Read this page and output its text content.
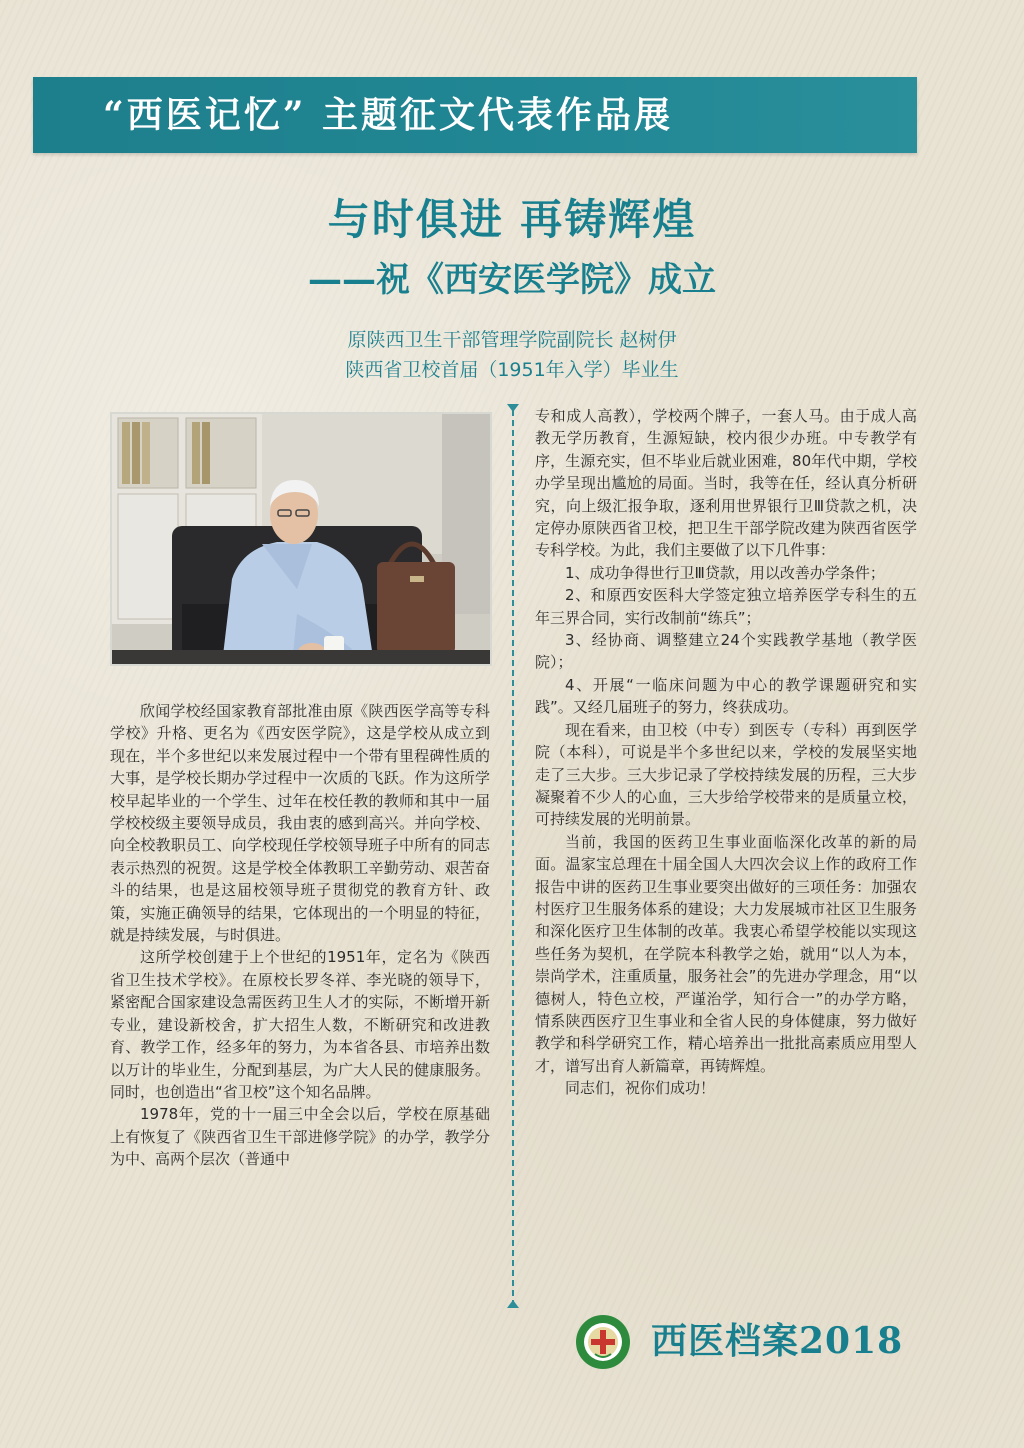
“西医记忆” 主题征文代表作品展
与时俱进 再铸辉煌
——祝《西安医学院》成立
原陕西卫生干部管理学院副院长 赵树伊
陕西省卫校首届（1951年入学）毕业生

欣闻学校经国家教育部批准由原《陕西医学高等专科学校》升格、更名为《西安医学院》，这是学校从成立到现在，半个多世纪以来发展过程中一个带有里程碑性质的大事，是学校长期办学过程中一次质的飞跃。作为这所学校早起毕业的一个学生、过年在校任教的教师和其中一届学校校级主要领导成员，我由衷的感到高兴。并向学校、向全校教职员工、向学校现任学校领导班子中所有的同志表示热烈的祝贺。这是学校全体教职工辛勤劳动、艰苦奋斗的结果，也是这届校领导班子贯彻党的教育方针、政策，实施正确领导的结果，它体现出的一个明显的特征，就是持续发展，与时俱进。

这所学校创建于上个世纪的1951年，定名为《陕西省卫生技术学校》。在原校长罗冬祥、李光晓的领导下，紧密配合国家建设急需医药卫生人才的实际，不断增开新专业，建设新校舍，扩大招生人数，不断研究和改进教育、教学工作，经多年的努力，为本省各县、市培养出数以万计的毕业生，分配到基层，为广大人民的健康服务。同时，也创造出“省卫校”这个知名品牌。

1978年，党的十一届三中全会以后，学校在原基础上有恢复了《陕西省卫生干部进修学院》的办学，教学分为中、高两个层次（普通中

专和成人高教），学校两个牌子，一套人马。由于成人高教无学历教育，生源短缺，校内很少办班。中专教学有序，生源充实，但不毕业后就业困难，80年代中期，学校办学呈现出尴尬的局面。当时，我等在任，经认真分析研究，向上级汇报争取，逐利用世界银行卫Ⅲ贷款之机，决定停办原陕西省卫校，把卫生干部学院改建为陕西省医学专科学校。为此，我们主要做了以下几件事：

1、成功争得世行卫Ⅲ贷款，用以改善办学条件；

2、和原西安医科大学签定独立培养医学专科生的五年三界合同，实行改制前“练兵”；

3、经协商、调整建立24个实践教学基地（教学医院）；

4、开展“一临床问题为中心的教学课题研究和实践”。又经几届班子的努力，终获成功。

现在看来，由卫校（中专）到医专（专科）再到医学院（本科），可说是半个多世纪以来，学校的发展坚实地走了三大步。三大步记录了学校持续发展的历程，三大步凝聚着不少人的心血，三大步给学校带来的是质量立校，可持续发展的光明前景。

当前，我国的医药卫生事业面临深化改革的新的局面。温家宝总理在十届全国人大四次会议上作的政府工作报告中讲的医药卫生事业要突出做好的三项任务：加强农村医疗卫生服务体系的建设；大力发展城市社区卫生服务和深化医疗卫生体制的改革。我衷心希望学校能以实现这些任务为契机，在学院本科教学之始，就用“以人为本，崇尚学术，注重质量，服务社会”的先进办学理念，用“以德树人，特色立校，严谨治学，知行合一”的办学方略，情系陕西医疗卫生事业和全省人民的身体健康，努力做好教学和科学研究工作，精心培养出一批批高素质应用型人才，谱写出育人新篇章，再铸辉煌。

同志们，祝你们成功！

西医档案2018
